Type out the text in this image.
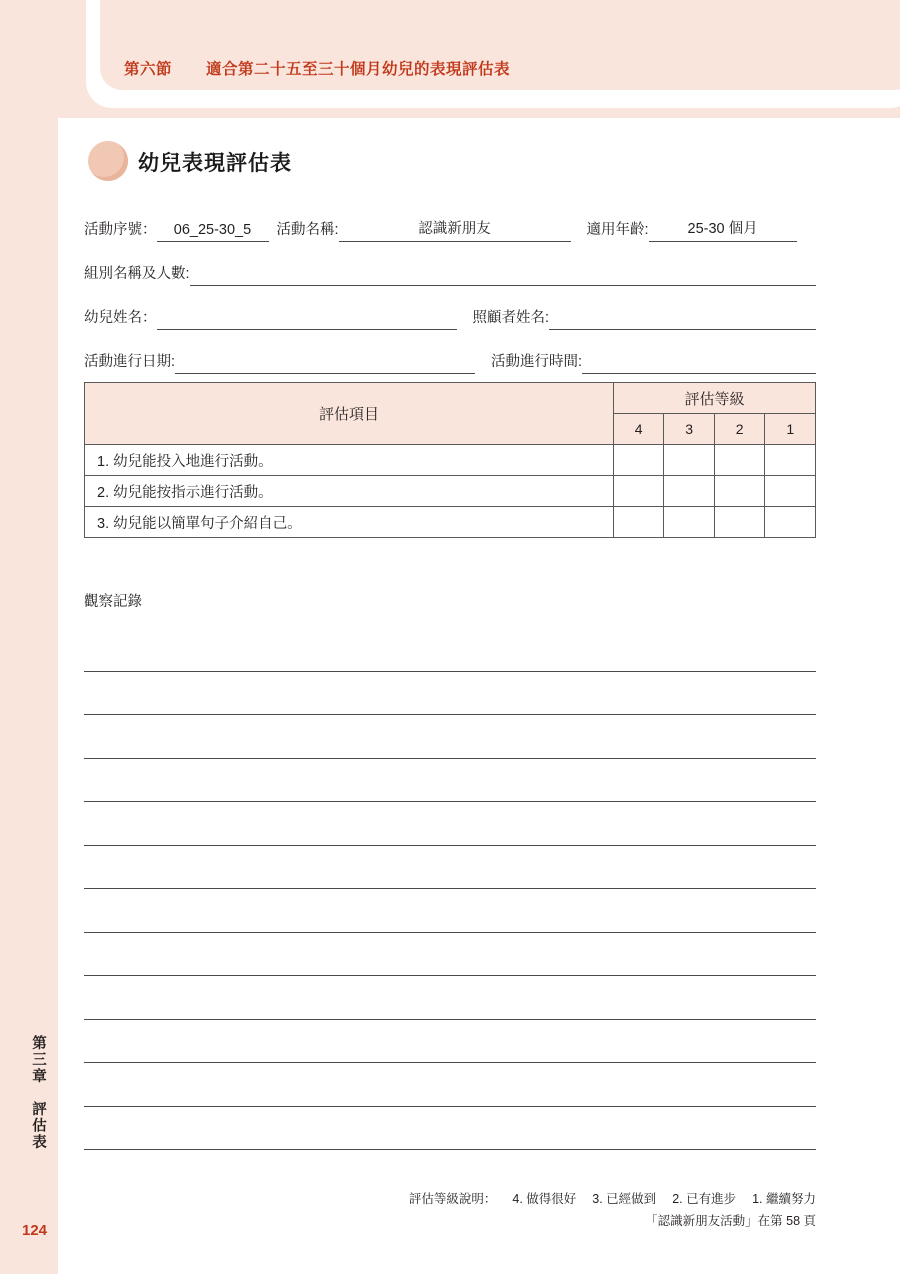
第六節 適合第二十五至三十個月幼兒的表現評估表
幼兒表現評估表
活動序號：	06_25-30_5	活動名稱:	認識新朋友	適用年齡:	25-30 個月
組別名稱及人數:
幼兒姓名：	照顧者姓名:
活動進行日期:	活動進行時間:
評估項目	評估等級			
	4	3	2	1
1. 幼兒能投入地進行活動。				
2. 幼兒能按指示進行活動。				
3. 幼兒能以簡單句子介紹自己。				
觀察記錄
第三章　評估表
評估等級說明： 4. 做得很好 3. 已經做到 2. 已有進步 1. 繼續努力
「認識新朋友活動」在第 58 頁
124
